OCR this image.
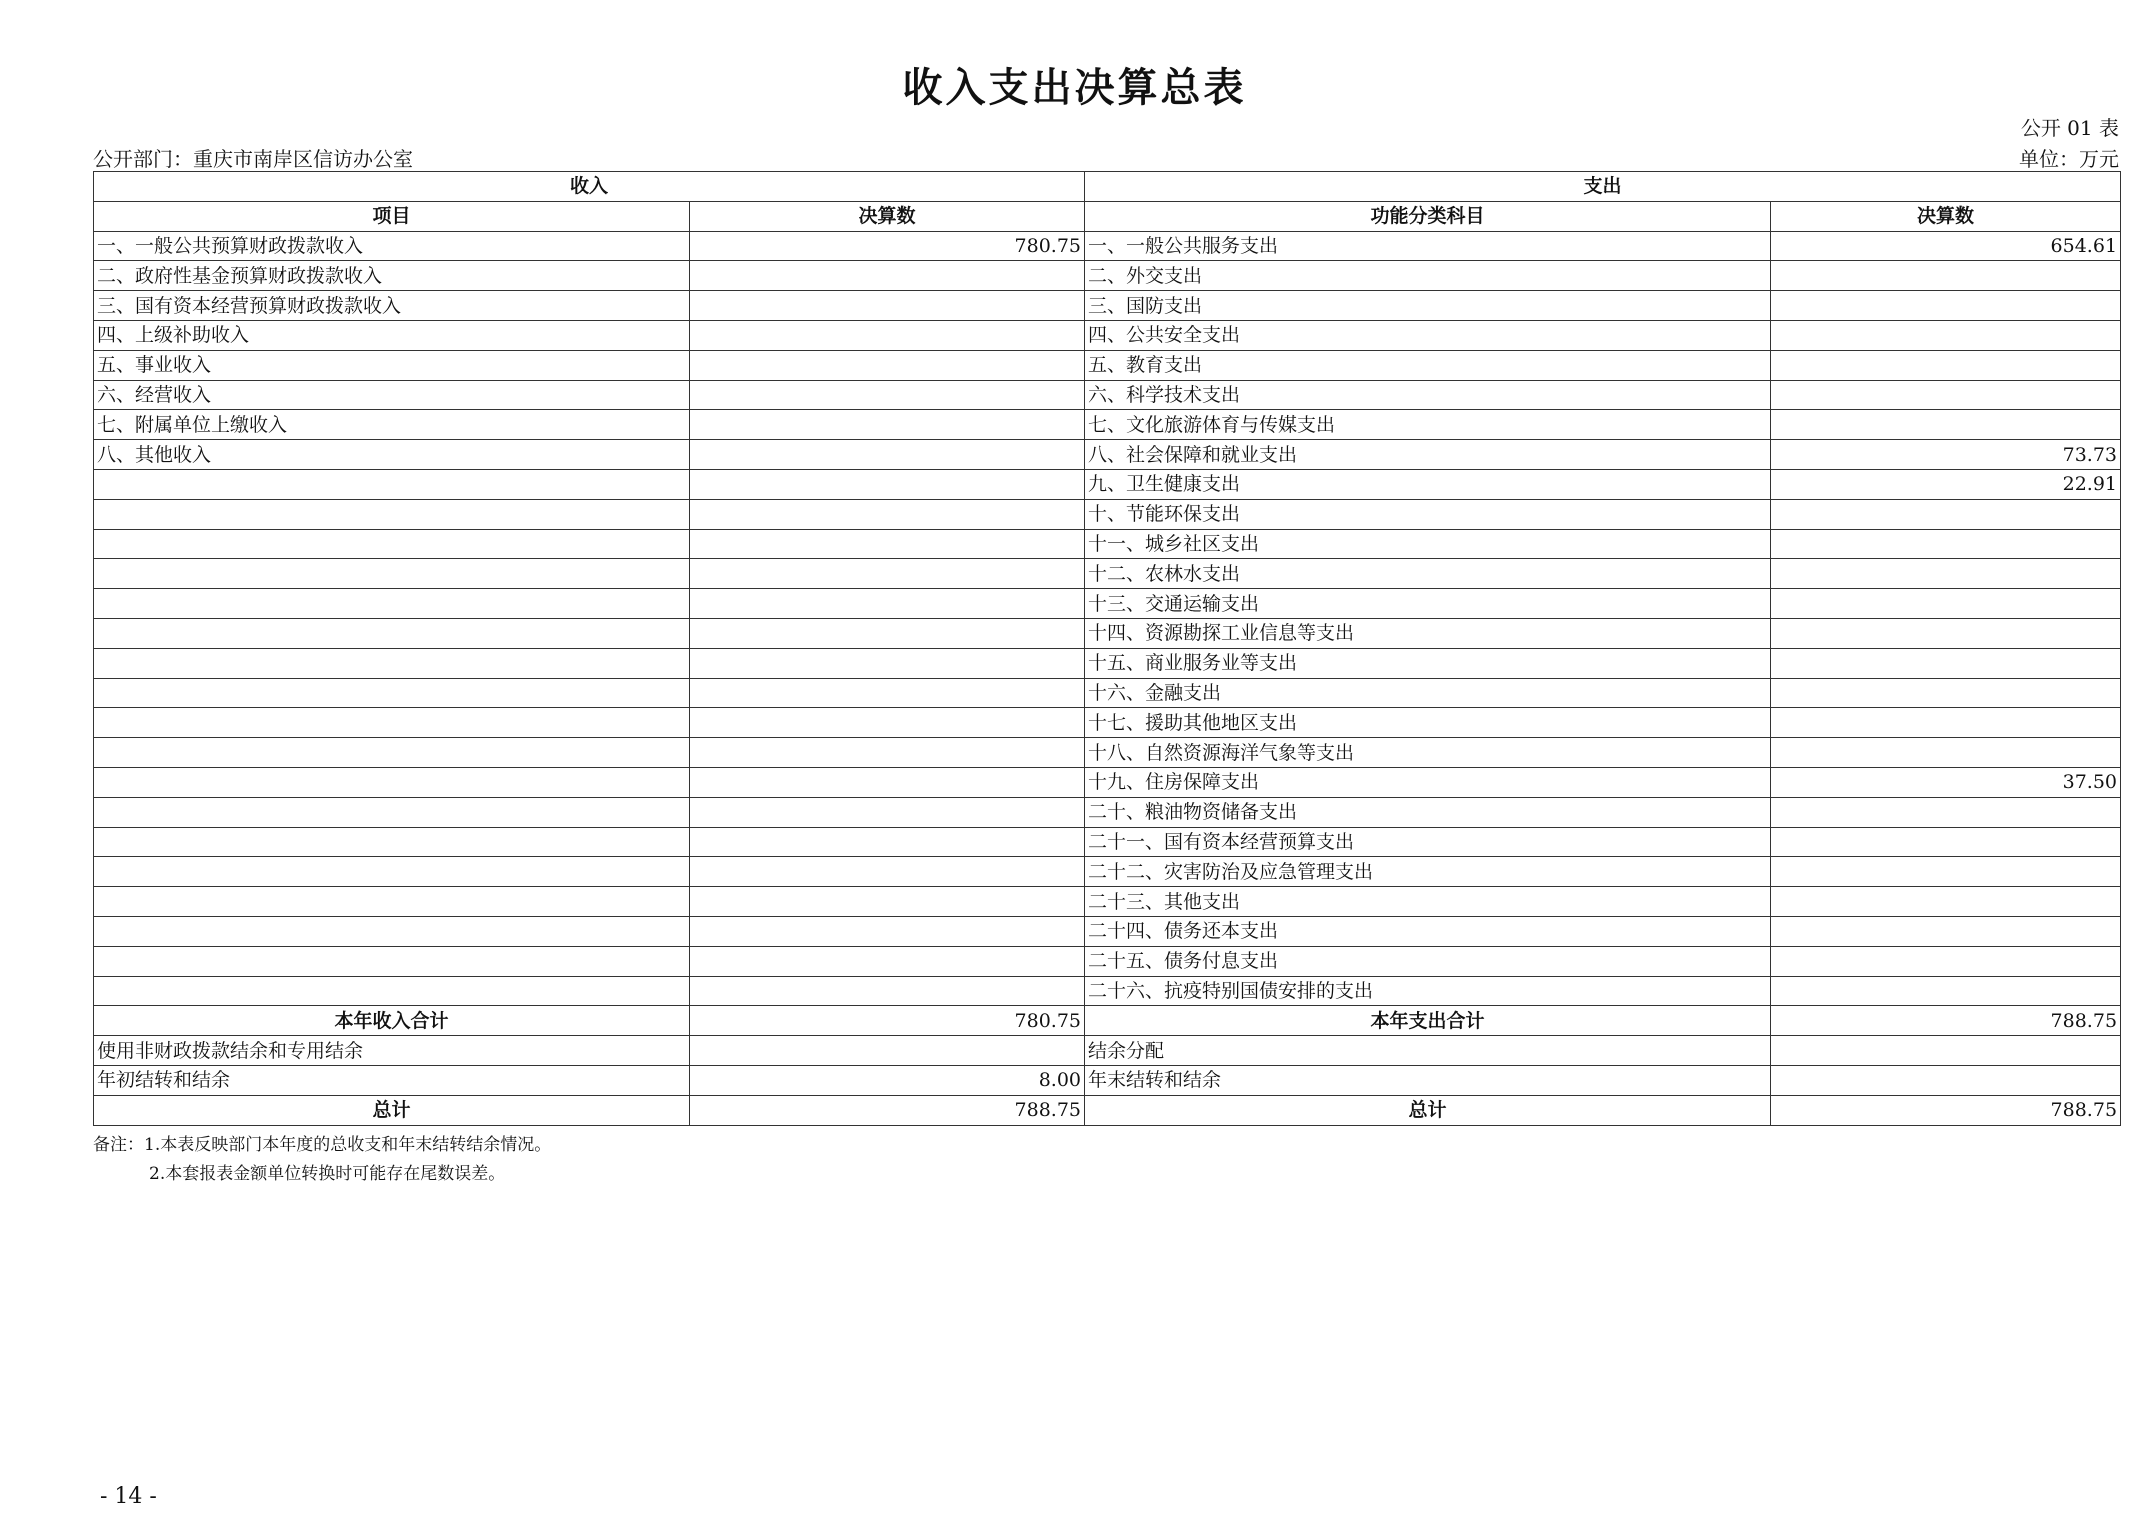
收入支出决算总表
公开 01 表
公开部门：重庆市南岸区信访办公室	单位：万元
收入		支出	
项目	决算数	功能分类科目	决算数
一、一般公共预算财政拨款收入	780.75	一、一般公共服务支出	654.61
二、政府性基金预算财政拨款收入		二、外交支出	
三、国有资本经营预算财政拨款收入		三、国防支出	
四、上级补助收入		四、公共安全支出	
五、事业收入		五、教育支出	
六、经营收入		六、科学技术支出	
七、附属单位上缴收入		七、文化旅游体育与传媒支出	
八、其他收入		八、社会保障和就业支出	73.73
		九、卫生健康支出	22.91
		十、节能环保支出	
		十一、城乡社区支出	
		十二、农林水支出	
		十三、交通运输支出	
		十四、资源勘探工业信息等支出	
		十五、商业服务业等支出	
		十六、金融支出	
		十七、援助其他地区支出	
		十八、自然资源海洋气象等支出	
		十九、住房保障支出	37.50
		二十、粮油物资储备支出	
		二十一、国有资本经营预算支出	
		二十二、灾害防治及应急管理支出	
		二十三、其他支出	
		二十四、债务还本支出	
		二十五、债务付息支出	
		二十六、抗疫特别国债安排的支出	
本年收入合计	780.75	本年支出合计	788.75
使用非财政拨款结余和专用结余		结余分配	
年初结转和结余	8.00	年末结转和结余	
总计	788.75	总计	788.75
备注：1.本表反映部门本年度的总收支和年末结转结余情况。
2.本套报表金额单位转换时可能存在尾数误差。
- 14 -
